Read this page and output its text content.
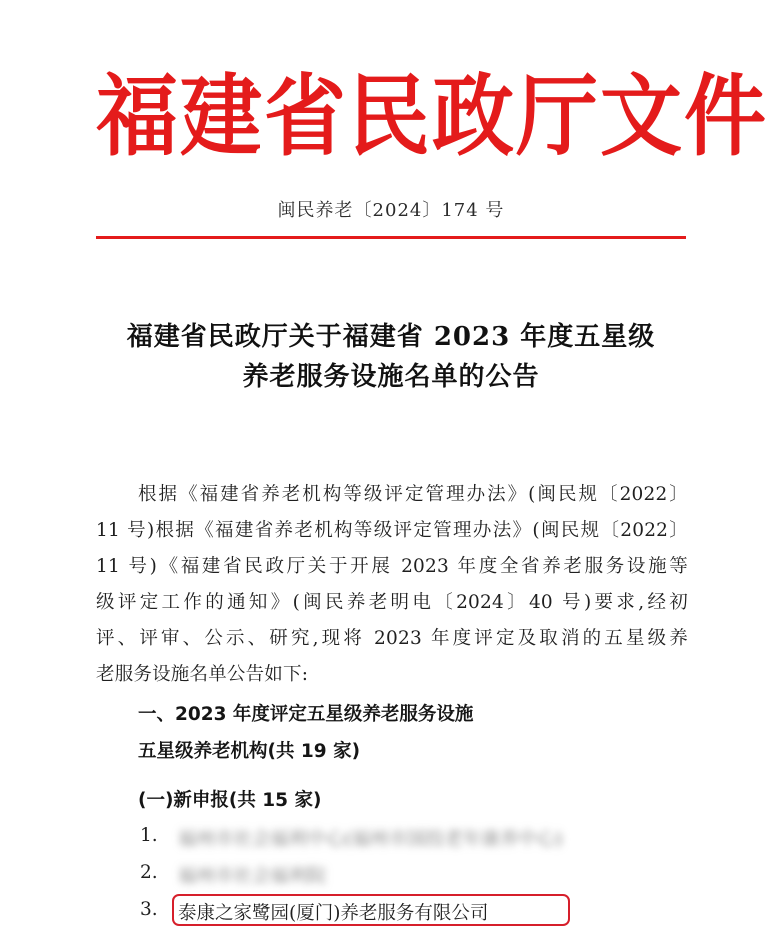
福建省民政厅文件
闽民养老〔2024〕174 号
福建省民政厅关于福建省 2023 年度五星级
养老服务设施名单的公告
根据《福建省养老机构等级评定管理办法》(闽民规〔2022〕
11 号)根据《福建省养老机构等级评定管理办法》(闽民规〔2022〕
11 号)《福建省民政厅关于开展 2023 年度全省养老服务设施等
级评定工作的通知》(闽民养老明电〔2024〕40 号)要求,经初
评、评审、公示、研究,现将 2023 年度评定及取消的五星级养
老服务设施名单公告如下:
一、2023 年度评定五星级养老服务设施
五星级养老机构(共 19 家)
(一)新申报(共 15 家)
1. 福州市社会福利中心(福州市国投老年康养中心)
2. 福州市社会福利院
3. 泰康之家鹭园(厦门)养老服务有限公司
